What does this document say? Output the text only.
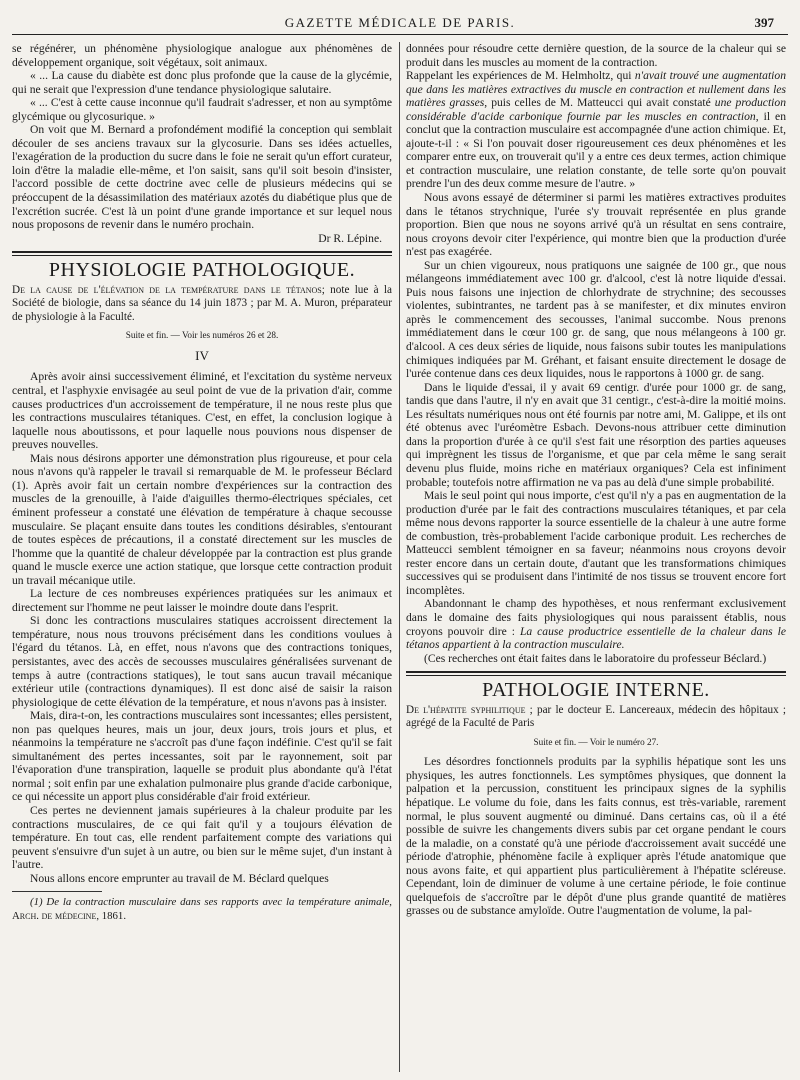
GAZETTE MÉDICALE DE PARIS.	397

se régénérer, un phénomène physiologique analogue aux phénomènes de développement organique, soit végétaux, soit animaux.

« ... La cause du diabète est donc plus profonde que la cause de la glycémie, qui ne serait que l'expression d'une tendance physiologique salutaire.

« ... C'est à cette cause inconnue qu'il faudrait s'adresser, et non au symptôme glycémique ou glycosurique. »

On voit que M. Bernard a profondément modifié la conception qui semblait découler de ses anciens travaux sur la glycosurie. Dans ses idées actuelles, l'exagération de la production du sucre dans le foie ne serait qu'un effort curateur, loin d'être la maladie elle-même, et l'on saisit, sans qu'il soit besoin d'insister, l'accord possible de cette doctrine avec celle de plusieurs médecins qui se préoccupent de la désassimilation des matériaux azotés du diabétique plus que de l'excrétion sucrée. C'est là un point d'une grande importance et sur lequel nous nous proposons de revenir dans le numéro prochain.

Dr R. Lépine.

PHYSIOLOGIE PATHOLOGIQUE.

De la cause de l'élévation de la température dans le tétanos; note lue à la Société de biologie, dans sa séance du 14 juin 1873 ; par M. A. Muron, préparateur de physiologie à la Faculté.

Suite et fin. — Voir les numéros 26 et 28.

IV

Après avoir ainsi successivement éliminé, et l'excitation du système nerveux central, et l'asphyxie envisagée au seul point de vue de la privation d'air, comme causes productrices d'un accroissement de température, il ne nous reste plus que les contractions musculaires tétaniques. C'est, en effet, la conclusion logique à laquelle nous aboutissons, et pour laquelle nous pouvions nous dispenser de preuves nouvelles.

Mais nous désirons apporter une démonstration plus rigoureuse, et pour cela nous n'avons qu'à rappeler le travail si remarquable de M. le professeur Béclard (1). Après avoir fait un certain nombre d'expériences sur la contraction des muscles de la grenouille, à l'aide d'aiguilles thermo-électriques spéciales, cet éminent professeur a constaté une élévation de température à chaque secousse musculaire. Se plaçant ensuite dans toutes les conditions désirables, s'entourant de toutes espèces de précautions, il a constaté directement sur les muscles de l'homme que la quantité de chaleur développée par la contraction est plus grande quand le muscle exerce une action statique, que lorsque cette contraction produit un travail mécanique utile.

La lecture de ces nombreuses expériences pratiquées sur les animaux et directement sur l'homme ne peut laisser le moindre doute dans l'esprit.

Si donc les contractions musculaires statiques accroissent directement la température, nous nous trouvons précisément dans les conditions voulues à l'égard du tétanos. Là, en effet, nous n'avons que des contractions toniques, persistantes, avec des accès de secousses musculaires généralisées survenant de temps à autre (contractions statiques), le tout sans aucun travail mécanique extérieur utile (contractions dynamiques). Il est donc aisé de saisir la raison physiologique de cette élévation de la température, et nous n'avons pas à insister.

Mais, dira-t-on, les contractions musculaires sont incessantes; elles persistent, non pas quelques heures, mais un jour, deux jours, trois jours et plus, et néanmoins la température ne s'accroît pas d'une façon indéfinie. C'est qu'il se fait simultanément des pertes incessantes, soit par le rayonnement, soit par l'évaporation d'une transpiration, laquelle se produit plus abondante qu'à l'état normal ; soit enfin par une exhalation pulmonaire plus grande d'acide carbonique, ce qui nécessite un apport plus considérable d'air froid extérieur.

Ces pertes ne deviennent jamais supérieures à la chaleur produite par les contractions musculaires, de ce qui fait qu'il y a toujours élévation de température. En tout cas, elle rendent parfaitement compte des variations qui peuvent s'ensuivre d'un sujet à un autre, ou bien sur le même sujet, d'un instant à l'autre.

Nous allons encore emprunter au travail de M. Béclard quelques

(1) De la contraction musculaire dans ses rapports avec la température animale, Arch. de médecine, 1861.

données pour résoudre cette dernière question, de la source de la chaleur qui se produit dans les muscles au moment de la contraction.

Rappelant les expériences de M. Helmholtz, qui n'avait trouvé une augmentation que dans les matières extractives du muscle en contraction et nullement dans les matières grasses, puis celles de M. Matteucci qui avait constaté une production considérable d'acide carbonique fournie par les muscles en contraction, il en conclut que la contraction musculaire est accompagnée d'une action chimique. Et, ajoute-t-il : « Si l'on pouvait doser rigoureusement ces deux phénomènes et les comparer entre eux, on trouverait qu'il y a entre ces deux termes, action chimique et contraction musculaire, une relation constante, de telle sorte qu'on pouvait prendre l'un des deux comme mesure de l'autre. »

Nous avons essayé de déterminer si parmi les matières extractives produites dans le tétanos strychnique, l'urée s'y trouvait représentée en plus grande proportion. Bien que nous ne soyons arrivé qu'à un résultat en sens contraire, nous croyons devoir citer l'expérience, qui montre bien que la production d'urée n'est pas exagérée.

Sur un chien vigoureux, nous pratiquons une saignée de 100 gr., que nous mélangeons immédiatement avec 100 gr. d'alcool, c'est là notre liquide d'essai. Puis nous faisons une injection de chlorhydrate de strychnine; des secousses violentes, subintrantes, ne tardent pas à se manifester, et dix minutes environ après le commencement des secousses, l'animal succombe. Nous prenons immédiatement dans le cœur 100 gr. de sang, que nous mélangeons à 100 gr. d'alcool. A ces deux séries de liquide, nous faisons subir toutes les manipulations chimiques indiquées par M. Gréhant, et faisant ensuite directement le dosage de l'urée contenue dans ces deux liquides, nous le rapportons à 1000 gr. de sang.

Dans le liquide d'essai, il y avait 69 centigr. d'urée pour 1000 gr. de sang, tandis que dans l'autre, il n'y en avait que 31 centigr., c'est-à-dire la moitié moins. Les résultats numériques nous ont été fournis par notre ami, M. Galippe, et ils ont été obtenus avec l'uréomètre Esbach. Devons-nous attribuer cette diminution dans la proportion d'urée à ce qu'il s'est fait une résorption des parties aqueuses qui imprègnent les tissus de l'organisme, et que par cela même le sang serait devenu plus fluide, moins riche en matériaux organiques? Cela est infiniment probable; toutefois notre affirmation ne va pas au delà d'une simple probabilité.

Mais le seul point qui nous importe, c'est qu'il n'y a pas en augmentation de la production d'urée par le fait des contractions musculaires tétaniques, et par cela même nous devons rapporter la source essentielle de la chaleur à une autre forme de combustion, très-probablement l'acide carbonique produit. Les recherches de Matteucci semblent témoigner en sa faveur; néanmoins nous croyons devoir rester encore dans un certain doute, d'autant que les transformations chimiques successives qui se produisent dans l'intimité de nos tissus se trouvent encore fort incomplètes.

Abandonnant le champ des hypothèses, et nous renfermant exclusivement dans le domaine des faits physiologiques qui nous paraissent établis, nous croyons pouvoir dire : La cause productrice essentielle de la chaleur dans le tétanos appartient à la contraction musculaire.

(Ces recherches ont était faites dans le laboratoire du professeur Béclard.)

PATHOLOGIE INTERNE.

De l'hépatite syphilitique ; par le docteur E. Lancereaux, médecin des hôpitaux ; agrégé de la Faculté de Paris

Suite et fin. — Voir le numéro 27.

Les désordres fonctionnels produits par la syphilis hépatique sont les uns physiques, les autres fonctionnels. Les symptômes physiques, que donnent la palpation et la percussion, constituent les principaux signes de la syphilis hépatique. Le volume du foie, dans les faits connus, est très-variable, rarement normal, le plus souvent augmenté ou diminué. Dans certains cas, où il a été possible de suivre les changements divers subis par cet organe pendant le cours de la maladie, on a constaté qu'à une période d'accroissement avait succédé une période d'atrophie, phénomène facile à expliquer après l'étude anatomique que nous avons faite, et qui appartient plus particulièrement à l'hépatite scléreuse. Cependant, loin de diminuer de volume à une certaine période, le foie continue quelquefois de s'accroître par le dépôt d'une plus grande quantité de matières grasses ou de substance amyloïde. Outre l'augmentation de volume, la pal-
